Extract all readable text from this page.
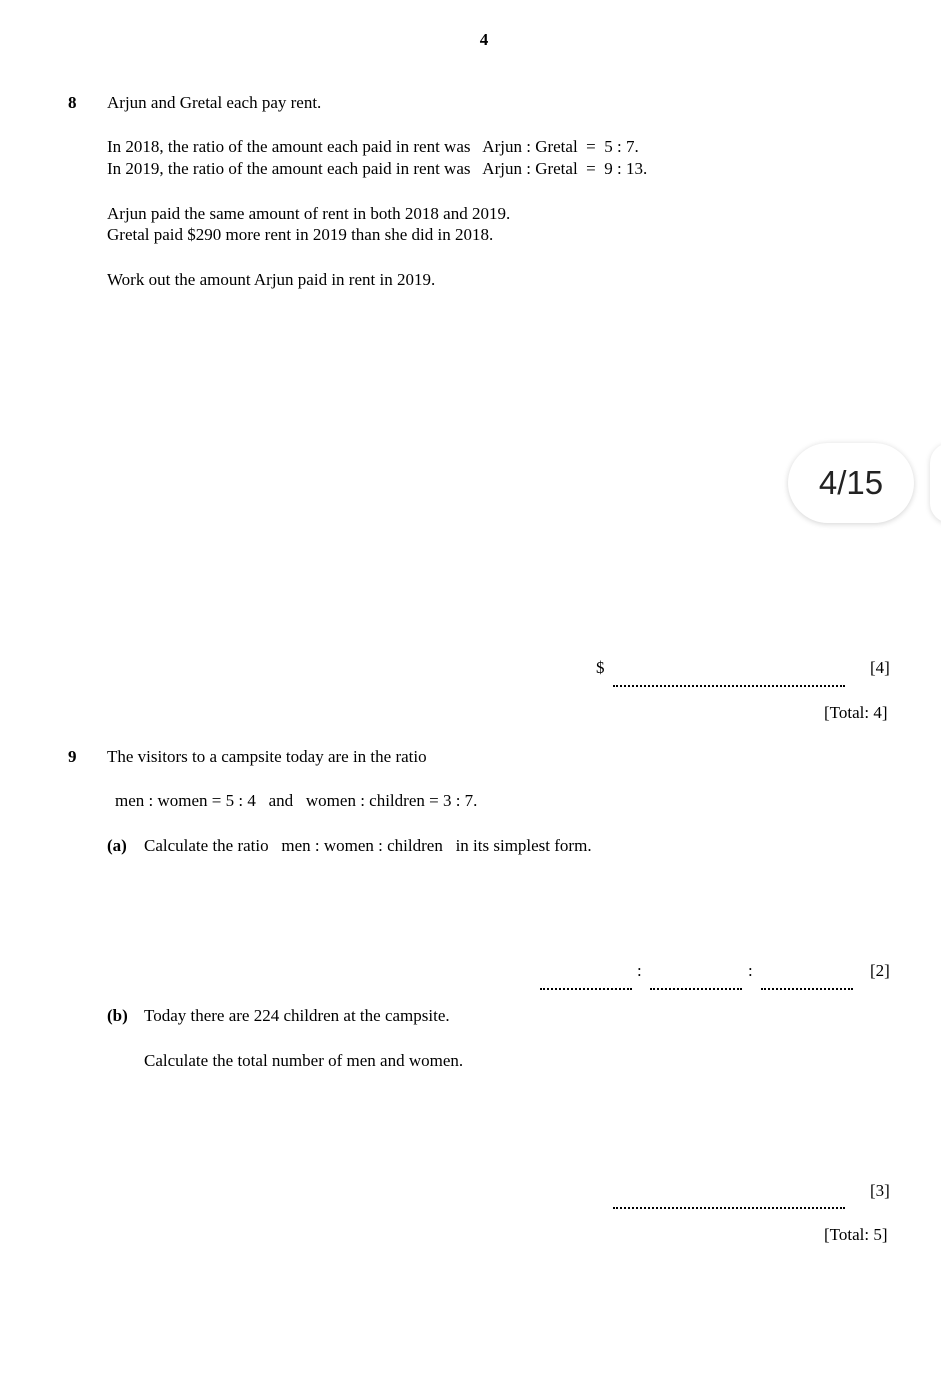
4
8 Arjun and Gretal each pay rent.
In 2018, the ratio of the amount each paid in rent was   Arjun : Gretal  =  5 : 7.
In 2019, the ratio of the amount each paid in rent was   Arjun : Gretal  =  9 : 13.
Arjun paid the same amount of rent in both 2018 and 2019.
Gretal paid $290 more rent in 2019 than she did in 2018.
Work out the amount Arjun paid in rent in 2019.
4/15
$	[4]
[Total: 4]
9 The visitors to a campsite today are in the ratio
men : women = 5 : 4   and   women : children = 3 : 7.
(a) Calculate the ratio   men : women : children   in its simplest form.
:	:	[2]
(b) Today there are 224 children at the campsite.
Calculate the total number of men and women.
[3]
[Total: 5]
